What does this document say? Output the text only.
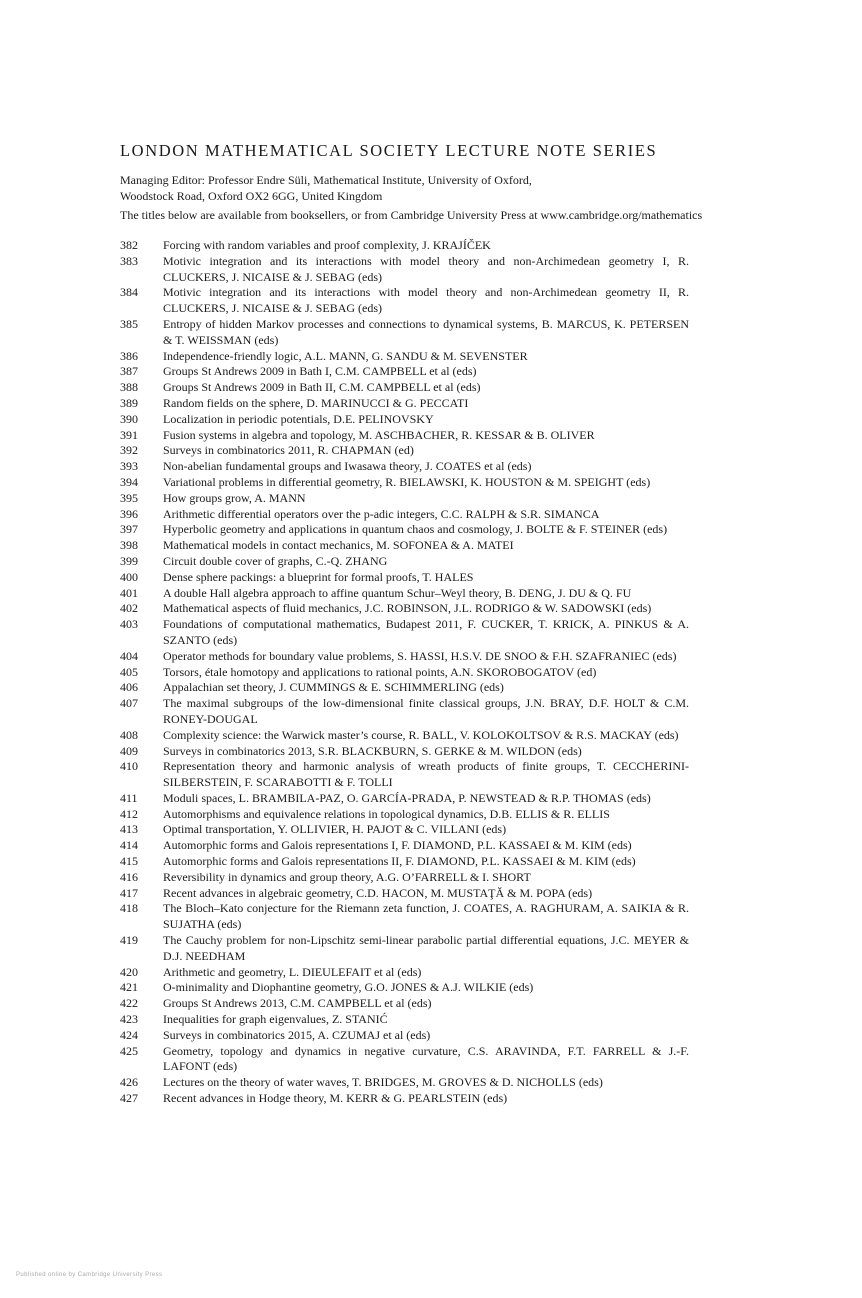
LONDON MATHEMATICAL SOCIETY LECTURE NOTE SERIES
Managing Editor: Professor Endre Süli, Mathematical Institute, University of Oxford,
Woodstock Road, Oxford OX2 6GG, United Kingdom
The titles below are available from booksellers, or from Cambridge University Press at www.cambridge.org/mathematics
382	Forcing with random variables and proof complexity, J. KRAJÍČEK
383	Motivic integration and its interactions with model theory and non-Archimedean geometry I, R. CLUCKERS, J. NICAISE & J. SEBAG (eds)
384	Motivic integration and its interactions with model theory and non-Archimedean geometry II, R. CLUCKERS, J. NICAISE & J. SEBAG (eds)
385	Entropy of hidden Markov processes and connections to dynamical systems, B. MARCUS, K. PETERSEN & T. WEISSMAN (eds)
386	Independence-friendly logic, A.L. MANN, G. SANDU & M. SEVENSTER
387	Groups St Andrews 2009 in Bath I, C.M. CAMPBELL et al (eds)
388	Groups St Andrews 2009 in Bath II, C.M. CAMPBELL et al (eds)
389	Random fields on the sphere, D. MARINUCCI & G. PECCATI
390	Localization in periodic potentials, D.E. PELINOVSKY
391	Fusion systems in algebra and topology, M. ASCHBACHER, R. KESSAR & B. OLIVER
392	Surveys in combinatorics 2011, R. CHAPMAN (ed)
393	Non-abelian fundamental groups and Iwasawa theory, J. COATES et al (eds)
394	Variational problems in differential geometry, R. BIELAWSKI, K. HOUSTON & M. SPEIGHT (eds)
395	How groups grow, A. MANN
396	Arithmetic differential operators over the p-adic integers, C.C. RALPH & S.R. SIMANCA
397	Hyperbolic geometry and applications in quantum chaos and cosmology, J. BOLTE & F. STEINER (eds)
398	Mathematical models in contact mechanics, M. SOFONEA & A. MATEI
399	Circuit double cover of graphs, C.-Q. ZHANG
400	Dense sphere packings: a blueprint for formal proofs, T. HALES
401	A double Hall algebra approach to affine quantum Schur–Weyl theory, B. DENG, J. DU & Q. FU
402	Mathematical aspects of fluid mechanics, J.C. ROBINSON, J.L. RODRIGO & W. SADOWSKI (eds)
403	Foundations of computational mathematics, Budapest 2011, F. CUCKER, T. KRICK, A. PINKUS & A. SZANTO (eds)
404	Operator methods for boundary value problems, S. HASSI, H.S.V. DE SNOO & F.H. SZAFRANIEC (eds)
405	Torsors, étale homotopy and applications to rational points, A.N. SKOROBOGATOV (ed)
406	Appalachian set theory, J. CUMMINGS & E. SCHIMMERLING (eds)
407	The maximal subgroups of the low-dimensional finite classical groups, J.N. BRAY, D.F. HOLT & C.M. RONEY-DOUGAL
408	Complexity science: the Warwick master’s course, R. BALL, V. KOLOKOLTSOV & R.S. MACKAY (eds)
409	Surveys in combinatorics 2013, S.R. BLACKBURN, S. GERKE & M. WILDON (eds)
410	Representation theory and harmonic analysis of wreath products of finite groups, T. CECCHERINI-SILBERSTEIN, F. SCARABOTTI & F. TOLLI
411	Moduli spaces, L. BRAMBILA-PAZ, O. GARCÍA-PRADA, P. NEWSTEAD & R.P. THOMAS (eds)
412	Automorphisms and equivalence relations in topological dynamics, D.B. ELLIS & R. ELLIS
413	Optimal transportation, Y. OLLIVIER, H. PAJOT & C. VILLANI (eds)
414	Automorphic forms and Galois representations I, F. DIAMOND, P.L. KASSAEI & M. KIM (eds)
415	Automorphic forms and Galois representations II, F. DIAMOND, P.L. KASSAEI & M. KIM (eds)
416	Reversibility in dynamics and group theory, A.G. O’FARRELL & I. SHORT
417	Recent advances in algebraic geometry, C.D. HACON, M. MUSTAŢĂ & M. POPA (eds)
418	The Bloch–Kato conjecture for the Riemann zeta function, J. COATES, A. RAGHURAM, A. SAIKIA & R. SUJATHA (eds)
419	The Cauchy problem for non-Lipschitz semi-linear parabolic partial differential equations, J.C. MEYER & D.J. NEEDHAM
420	Arithmetic and geometry, L. DIEULEFAIT et al (eds)
421	O-minimality and Diophantine geometry, G.O. JONES & A.J. WILKIE (eds)
422	Groups St Andrews 2013, C.M. CAMPBELL et al (eds)
423	Inequalities for graph eigenvalues, Z. STANIĆ
424	Surveys in combinatorics 2015, A. CZUMAJ et al (eds)
425	Geometry, topology and dynamics in negative curvature, C.S. ARAVINDA, F.T. FARRELL & J.-F. LAFONT (eds)
426	Lectures on the theory of water waves, T. BRIDGES, M. GROVES & D. NICHOLLS (eds)
427	Recent advances in Hodge theory, M. KERR & G. PEARLSTEIN (eds)
Published online by Cambridge University Press
